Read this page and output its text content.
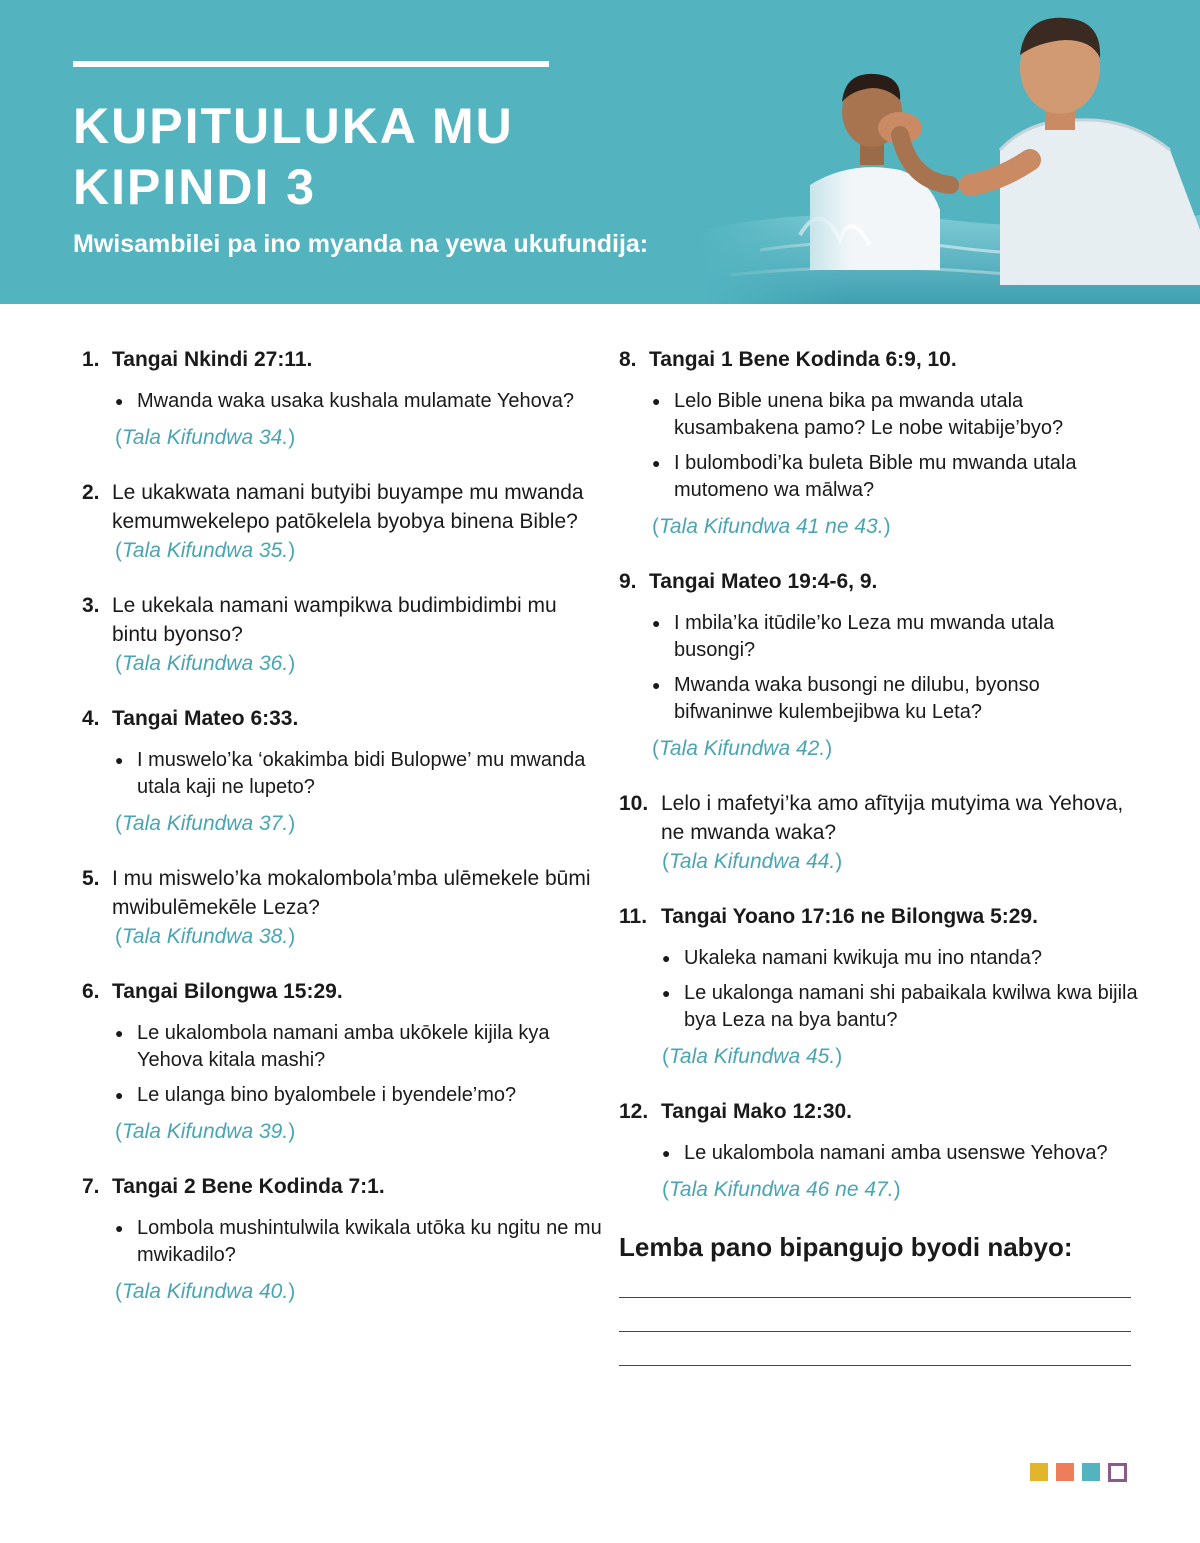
KUPITULUKA MU KIPINDI 3
Mwisambilei pa ino myanda na yewa ukufundija:
1. Tangai Nkindi 27:11.
● Mwanda waka usaka kushala mulamate Yehova?
(Tala Kifundwa 34.)
2. Le ukakwata namani butyibi buyampe mu mwanda kemumwekelepo patōkelela byobya binena Bible?
(Tala Kifundwa 35.)
3. Le ukekala namani wampikwa budimbidimbi mu bintu byonso?
(Tala Kifundwa 36.)
4. Tangai Mateo 6:33.
● I muswelo’ka ‘okakimba bidi Bulopwe’ mu mwanda utala kaji ne lupeto?
(Tala Kifundwa 37.)
5. I mu miswelo’ka mokalombola’mba ulēmekele būmi mwibulēmekēle Leza?
(Tala Kifundwa 38.)
6. Tangai Bilongwa 15:29.
● Le ukalombola namani amba ukōkele kijila kya Yehova kitala mashi?
● Le ulanga bino byalombele i byendele’mo?
(Tala Kifundwa 39.)
7. Tangai 2 Bene Kodinda 7:1.
● Lombola mushintulwila kwikala utōka ku ngitu ne mu mwikadilo?
(Tala Kifundwa 40.)
8. Tangai 1 Bene Kodinda 6:9, 10.
● Lelo Bible unena bika pa mwanda utala kusambakena pamo? Le nobe witabije’byo?
● I bulombodi’ka buleta Bible mu mwanda utala mutomeno wa mālwa?
(Tala Kifundwa 41 ne 43.)
9. Tangai Mateo 19:4-6, 9.
● I mbila’ka itūdile’ko Leza mu mwanda utala busongi?
● Mwanda waka busongi ne dilubu, byonso bifwaninwe kulembejibwa ku Leta?
(Tala Kifundwa 42.)
10. Lelo i mafetyi’ka amo afītyija mutyima wa Yehova, ne mwanda waka?
(Tala Kifundwa 44.)
11. Tangai Yoano 17:16 ne Bilongwa 5:29.
● Ukaleka namani kwikuja mu ino ntanda?
● Le ukalonga namani shi pabaikala kwilwa kwa bijila bya Leza na bya bantu?
(Tala Kifundwa 45.)
12. Tangai Mako 12:30.
● Le ukalombola namani amba usenswe Yehova?
(Tala Kifundwa 46 ne 47.)
Lemba pano bipangujo byodi nabyo:
